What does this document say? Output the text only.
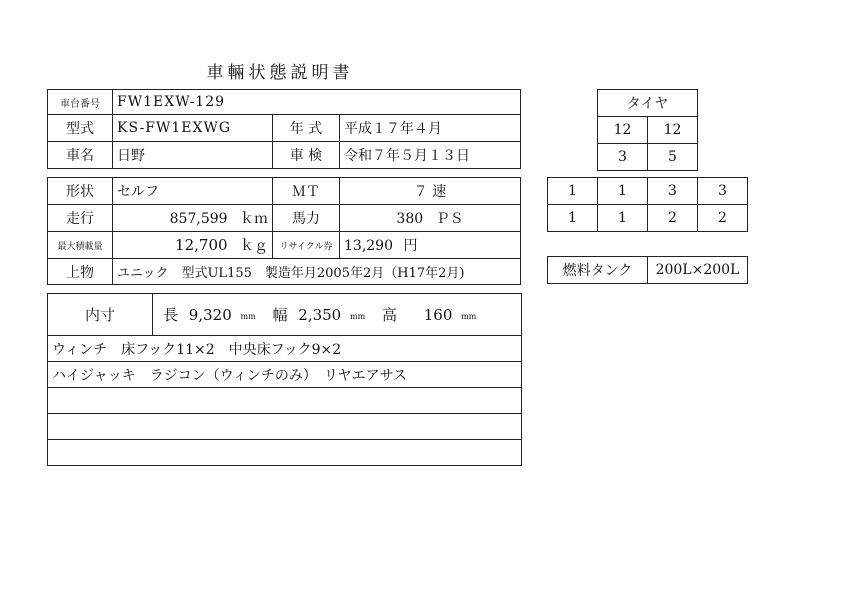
車輛状態説明書
車台番号	FW1EXW-129		
型式	KS-FW1EXWG	年 式	平成１７年４月
車名	日野	車 検	令和７年５月１３日
形状	セルフ	ＭＴ	７ 速
走行	857,599 ｋｍ	馬力	380 ＰＳ
最大積載量	12,700 ｋｇ	リサイクル券	13,290 円
上物	ユニック　型式UL155　製造年月2005年2月（H17年2月)		
内寸	長 9,320 mm 幅 2,350 mm 高 160 mm
ウィンチ　床フック11×2　中央床フック9×2
ハイジャッキ　ラジコン（ウィンチのみ）　リヤエアサス

タイヤ	
12	12
3	5
1	1	3	3
1	1	2	2
燃料タンク	200L×200L
